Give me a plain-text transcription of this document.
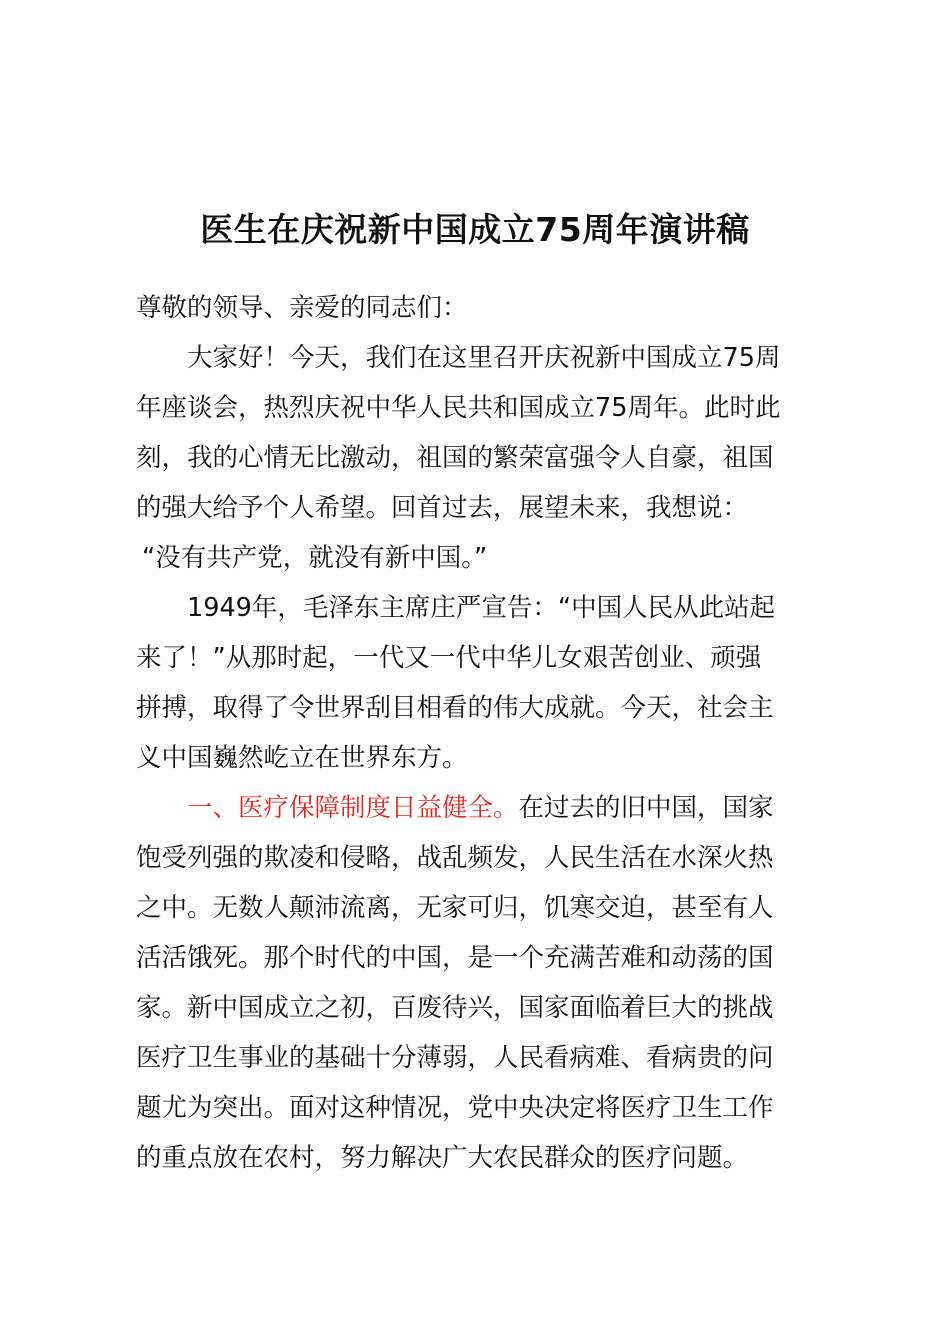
医生在庆祝新中国成立75周年演讲稿
尊敬的领导、亲爱的同志们：
大家好！今天，我们在这里召开庆祝新中国成立75周
年座谈会，热烈庆祝中华人民共和国成立75周年。此时此
刻，我的心情无比激动，祖国的繁荣富强令人自豪，祖国
的强大给予个人希望。回首过去，展望未来，我想说：
“没有共产党，就没有新中国。”
1949年，毛泽东主席庄严宣告：“中国人民从此站起
来了！”从那时起，一代又一代中华儿女艰苦创业、顽强
拼搏，取得了令世界刮目相看的伟大成就。今天，社会主
义中国巍然屹立在世界东方。
一、医疗保障制度日益健全。在过去的旧中国，国家
饱受列强的欺凌和侵略，战乱频发，人民生活在水深火热
之中。无数人颠沛流离，无家可归，饥寒交迫，甚至有人
活活饿死。那个时代的中国，是一个充满苦难和动荡的国
家。新中国成立之初，百废待兴，国家面临着巨大的挑战
医疗卫生事业的基础十分薄弱，人民看病难、看病贵的问
题尤为突出。面对这种情况，党中央决定将医疗卫生工作
的重点放在农村，努力解决广大农民群众的医疗问题。
